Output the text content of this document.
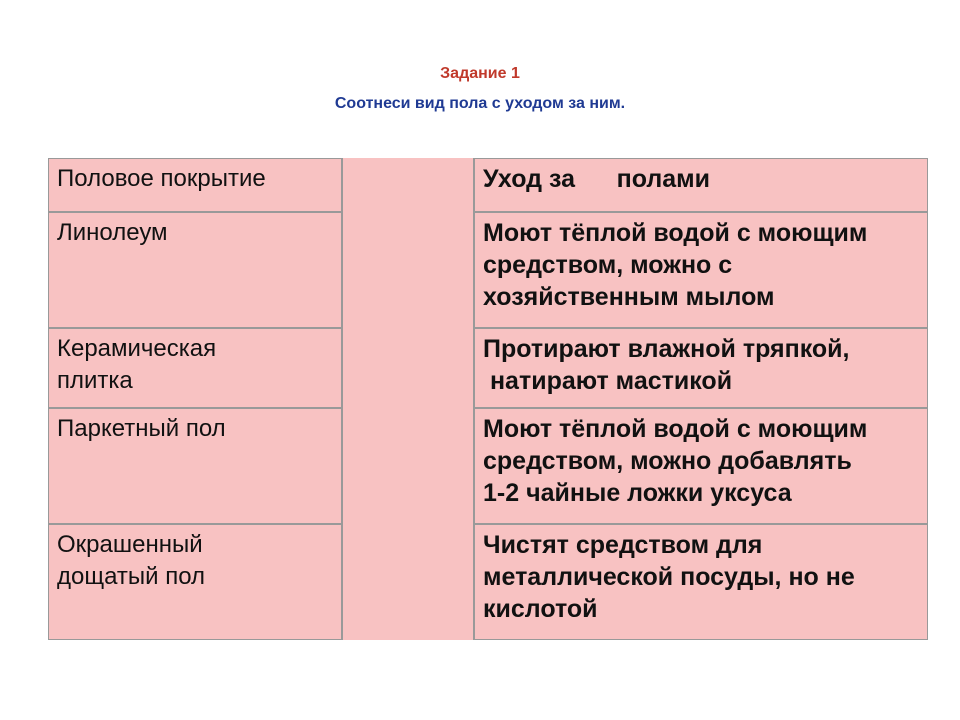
Задание 1
Соотнеси вид пола с уходом за ним.
Половое покрытие
Линолеум
Керамическая
плитка
Паркетный пол
Окрашенный
дощатый пол
Уход за      полами
Моют тёплой водой с моющим
средством, можно с
хозяйственным мылом
Протирают влажной тряпкой,
натирают мастикой
Моют тёплой водой с моющим
средством, можно добавлять
1-2 чайные ложки уксуса
Чистят средством для
металлической посуды, но не
кислотой
